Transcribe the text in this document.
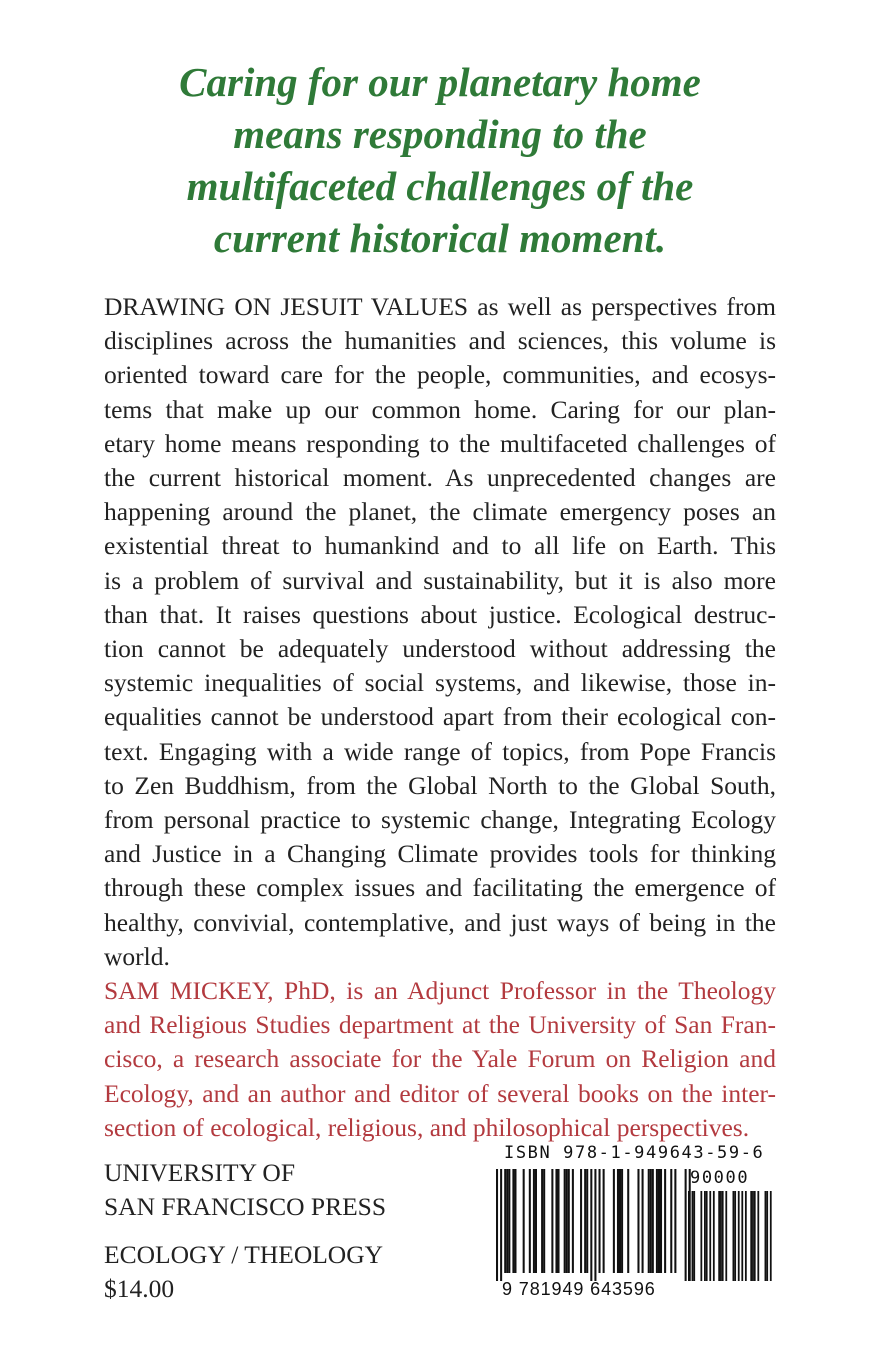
Caring for our planetary home
means responding to the
multifaceted challenges of the
current historical moment.

DRAWING ON JESUIT VALUES as well as perspectives from
disciplines across the humanities and sciences, this volume is
oriented toward care for the people, communities, and ecosys-
tems that make up our common home. Caring for our plan-
etary home means responding to the multifaceted challenges of
the current historical moment. As unprecedented changes are
happening around the planet, the climate emergency poses an
existential threat to humankind and to all life on Earth. This
is a problem of survival and sustainability, but it is also more
than that. It raises questions about justice. Ecological destruc-
tion cannot be adequately understood without addressing the
systemic inequalities of social systems, and likewise, those in-
equalities cannot be understood apart from their ecological con-
text. Engaging with a wide range of topics, from Pope Francis
to Zen Buddhism, from the Global North to the Global South,
from personal practice to systemic change, Integrating Ecology
and Justice in a Changing Climate provides tools for thinking
through these complex issues and facilitating the emergence of
healthy, convivial, contemplative, and just ways of being in the
world.

SAM MICKEY, PhD, is an Adjunct Professor in the Theology
and Religious Studies department at the University of San Fran-
cisco, a research associate for the Yale Forum on Religion and
Ecology, and an author and editor of several books on the inter-
section of ecological, religious, and philosophical perspectives.

UNIVERSITY OF
SAN FRANCISCO PRESS

ECOLOGY / THEOLOGY
$14.00

ISBN 978-1-949643-59-6
90000
9 781949 643596
